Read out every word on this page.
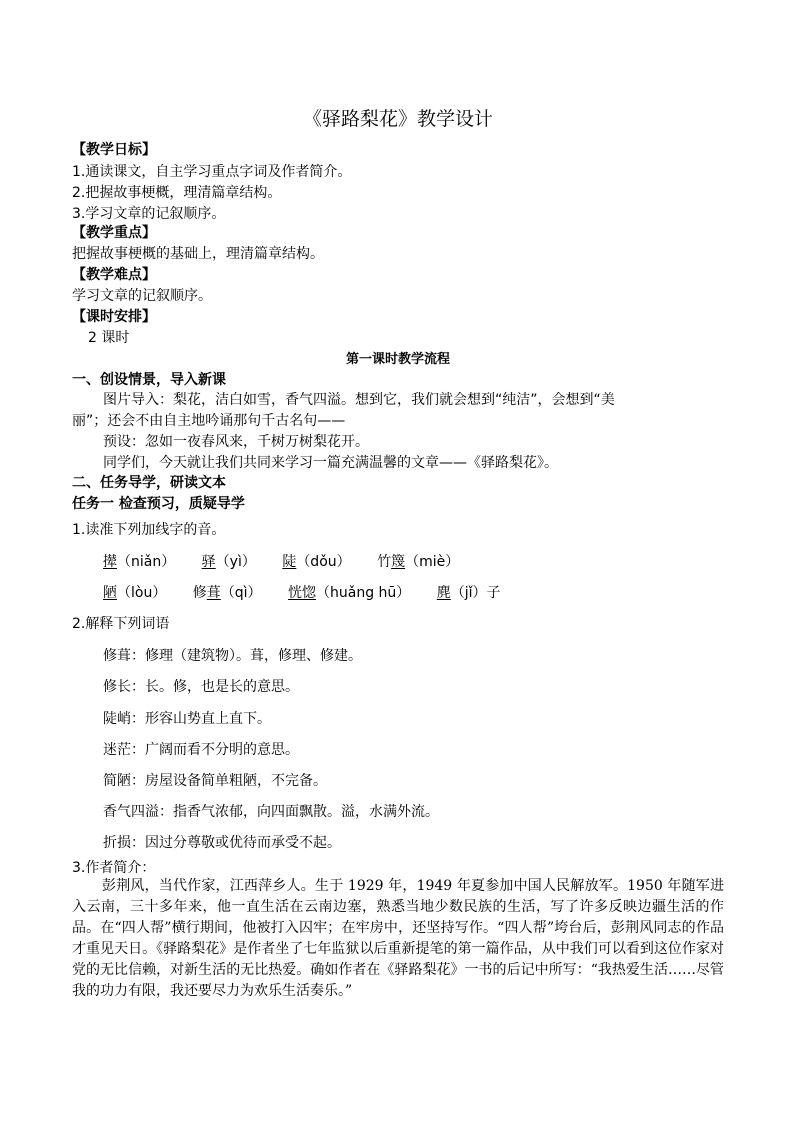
《驿路梨花》教学设计
【教学日标】
1.通读课文，自主学习重点字词及作者简介。
2.把握故事梗概，理清篇章结构。
3.学习文章的记叙顺序。
【教学重点】
把握故事梗概的基础上，理清篇章结构。
【教学难点】
学习文章的记叙顺序。
【课时安排】
2 课时
第一课时教学流程
一、创设情景，导入新课
图片导入：梨花，洁白如雪，香气四溢。想到它，我们就会想到“纯洁”，会想到“美
丽”；还会不由自主地吟诵那句千古名句——
预设：忽如一夜春风来，千树万树梨花开。
同学们，今天就让我们共同来学习一篇充满温馨的文章——《驿路梨花》。
二、任务导学，研读文本
任务一 检查预习，质疑导学
1.读准下列加线字的音。
撵（niǎn） 驿（yì） 陡（dǒu） 竹篾（miè）
陋（lòu） 修葺（qì） 恍惚（huǎng hū） 麂（jǐ）子
2.解释下列词语
修葺：修理（建筑物）。葺，修理、修建。
修长：长。修，也是长的意思。
陡峭：形容山势直上直下。
迷茫：广阔而看不分明的意思。
简陋：房屋设备简单粗陋，不完备。
香气四溢：指香气浓郁，向四面飘散。溢，水满外流。
折损：因过分尊敬或优待而承受不起。
3.作者简介：

彭荆风，当代作家，江西萍乡人。生于 1929 年，1949 年夏参加中国人民解放军。1950 年随军进入云南，三十多年来，他一直生活在云南边塞，熟悉当地少数民族的生活，写了许多反映边疆生活的作品。在“四人帮”横行期间，他被打入囚牢；在牢房中，还坚持写作。“四人帮”垮台后，彭荆风同志的作品才重见天日。《驿路梨花》是作者坐了七年监狱以后重新提笔的第一篇作品，从中我们可以看到这位作家对党的无比信赖，对新生活的无比热爱。确如作者在《驿路梨花》一书的后记中所写：“我热爱生活……尽管我的功力有限，我还要尽力为欢乐生活奏乐。”
